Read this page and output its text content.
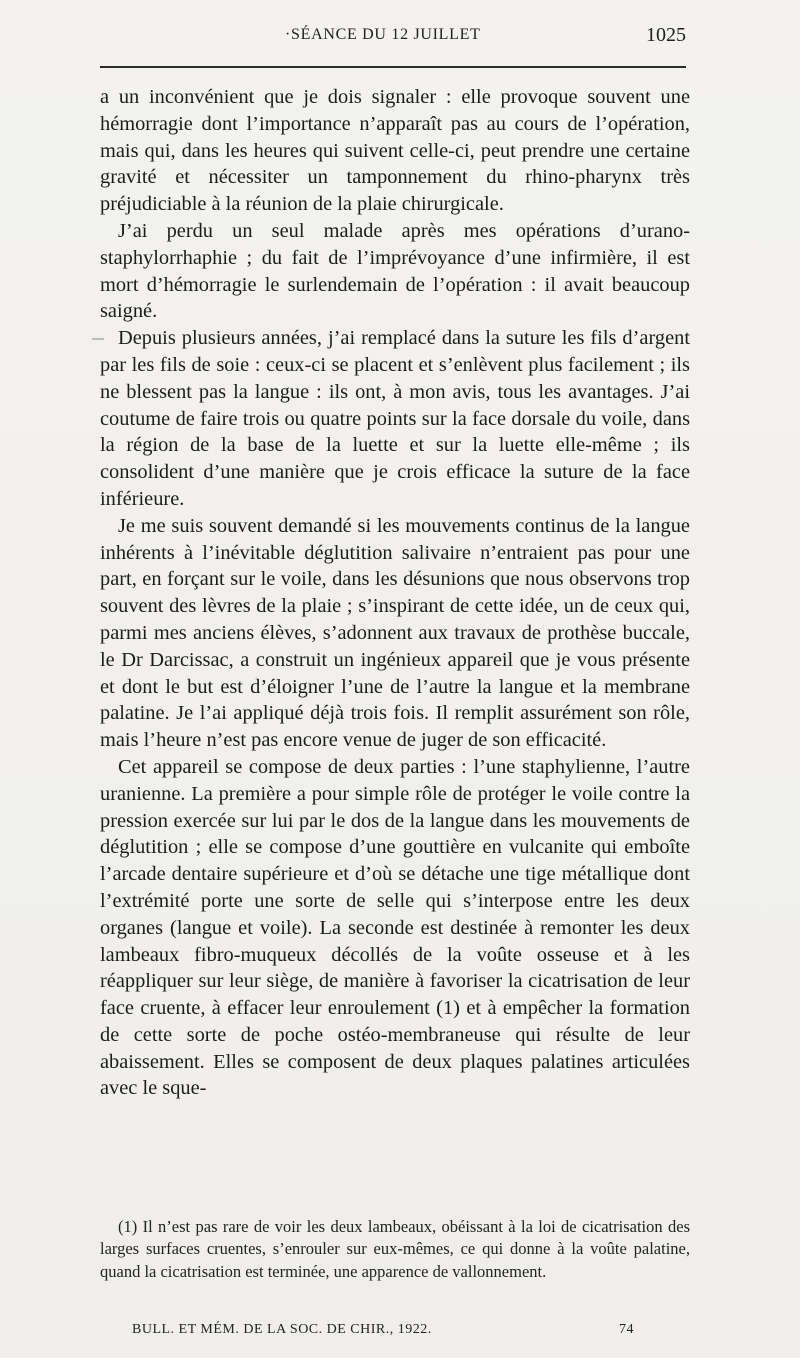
·SÉANCE DU 12 JUILLET	1025

a un inconvénient que je dois signaler : elle provoque souvent une hémorragie dont l’importance n’apparaît pas au cours de l’opération, mais qui, dans les heures qui suivent celle-ci, peut prendre une certaine gravité et nécessiter un tamponnement du rhino-pharynx très préjudiciable à la réunion de la plaie chirurgicale.

J’ai perdu un seul malade après mes opérations d’urano-staphylorrhaphie ; du fait de l’imprévoyance d’une infirmière, il est mort d’hémorragie le surlendemain de l’opération : il avait beaucoup saigné.

Depuis plusieurs années, j’ai remplacé dans la suture les fils d’argent par les fils de soie : ceux-ci se placent et s’enlèvent plus facilement ; ils ne blessent pas la langue : ils ont, à mon avis, tous les avantages. J’ai coutume de faire trois ou quatre points sur la face dorsale du voile, dans la région de la base de la luette et sur la luette elle-même ; ils consolident d’une manière que je crois efficace la suture de la face inférieure.

Je me suis souvent demandé si les mouvements continus de la langue inhérents à l’inévitable déglutition salivaire n’entraient pas pour une part, en forçant sur le voile, dans les désunions que nous observons trop souvent des lèvres de la plaie ; s’inspirant de cette idée, un de ceux qui, parmi mes anciens élèves, s’adonnent aux travaux de prothèse buccale, le Dr Darcissac, a construit un ingénieux appareil que je vous présente et dont le but est d’éloigner l’une de l’autre la langue et la membrane palatine. Je l’ai appliqué déjà trois fois. Il remplit assurément son rôle, mais l’heure n’est pas encore venue de juger de son efficacité.

Cet appareil se compose de deux parties : l’une staphylienne, l’autre uranienne. La première a pour simple rôle de protéger le voile contre la pression exercée sur lui par le dos de la langue dans les mouvements de déglutition ; elle se compose d’une gouttière en vulcanite qui emboîte l’arcade dentaire supérieure et d’où se détache une tige métallique dont l’extrémité porte une sorte de selle qui s’interpose entre les deux organes (langue et voile). La seconde est destinée à remonter les deux lambeaux fibro-muqueux décollés de la voûte osseuse et à les réappliquer sur leur siège, de manière à favoriser la cicatrisation de leur face cruente, à effacer leur enroulement (1) et à empêcher la formation de cette sorte de poche ostéo-membraneuse qui résulte de leur abaissement. Elles se composent de deux plaques palatines articulées avec le sque-

(1) Il n’est pas rare de voir les deux lambeaux, obéissant à la loi de cicatrisation des larges surfaces cruentes, s’enrouler sur eux-mêmes, ce qui donne à la voûte palatine, quand la cicatrisation est terminée, une apparence de vallonnement.

BULL. ET MÉM. DE LA SOC. DE CHIR., 1922.	74
